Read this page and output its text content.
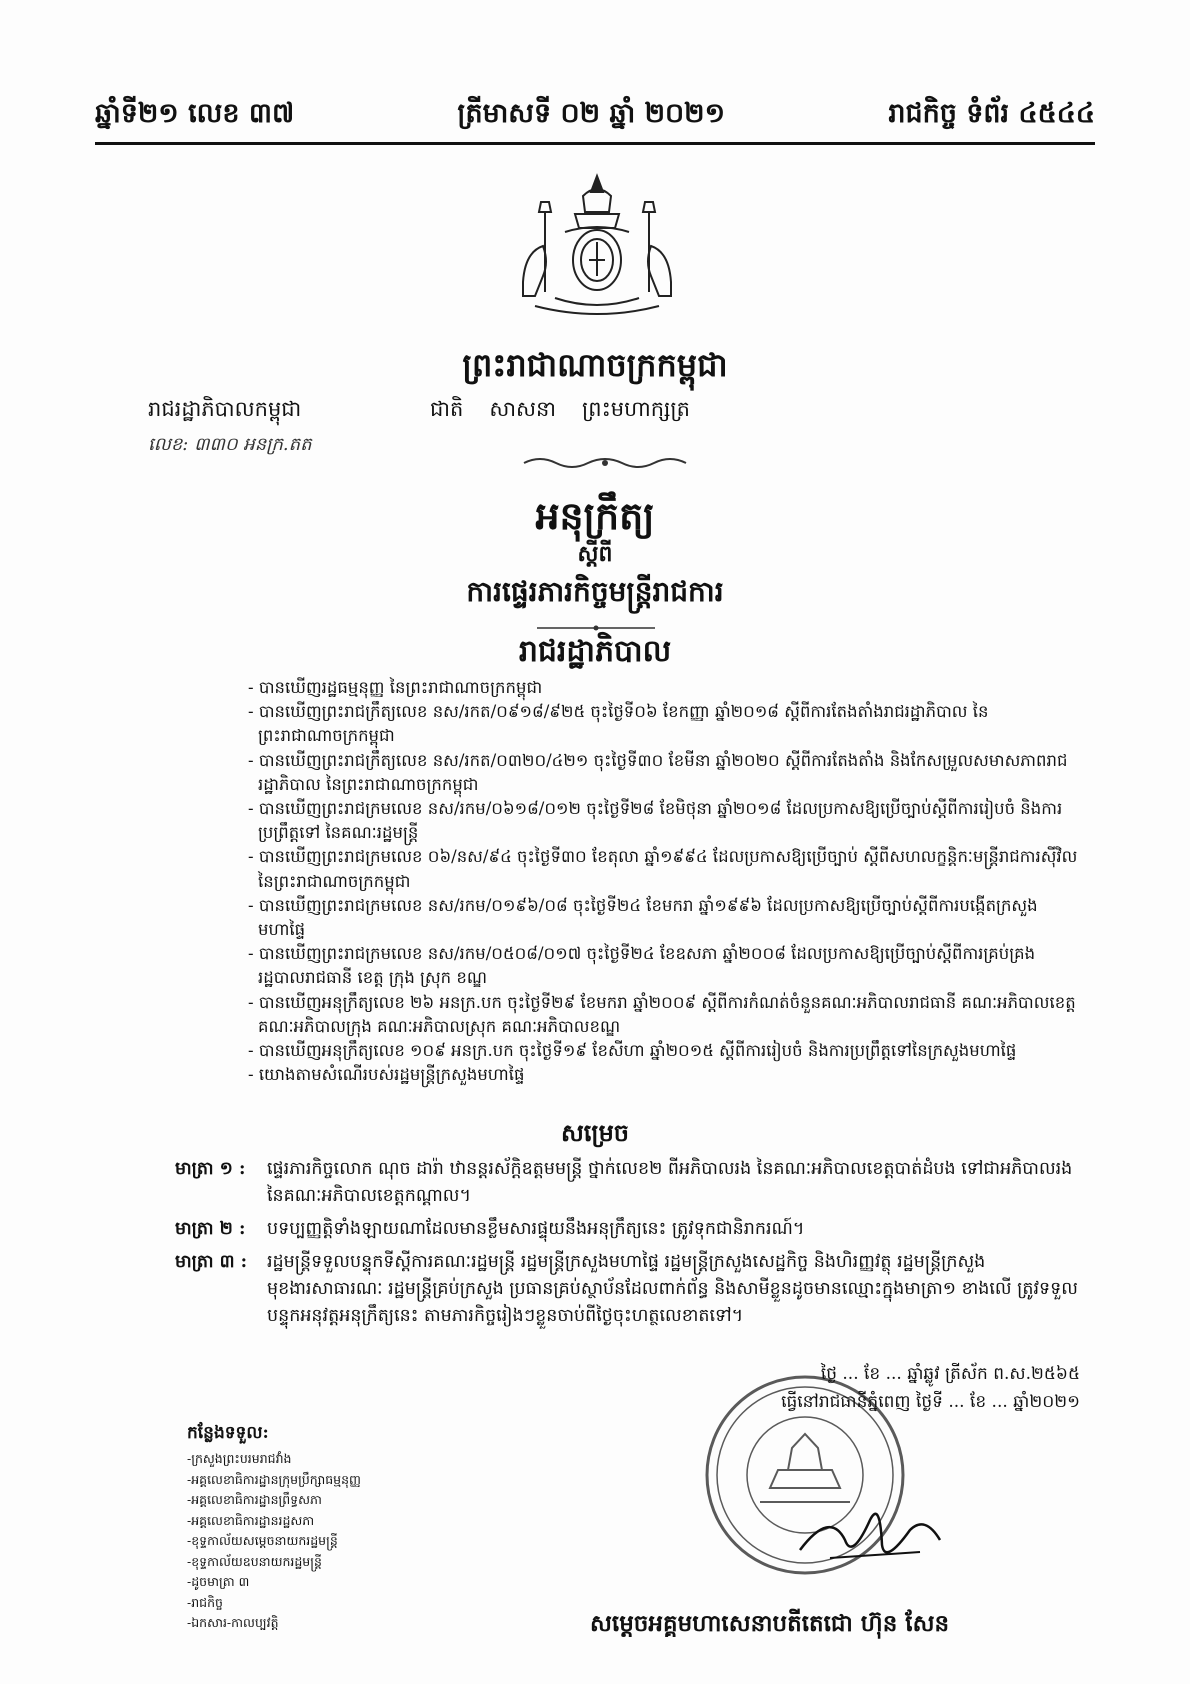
ឆ្នាំទី២១ លេខ ៣៧	ត្រីមាសទី ០២ ឆ្នាំ ២០២១	រាជកិច្ច ទំព័រ ៤៥៤៤
ព្រះរាជាណាចក្រកម្ពុជា
រាជរដ្ឋាភិបាលកម្ពុជា	ជាតិ សាសនា ព្រះមហាក្សត្រ
លេខ: ៣៣០ អនក្រ.តត
អនុក្រឹត្យ
ស្ដីពី
ការផ្ទេរភារកិច្ចមន្ត្រីរាជការ
រាជរដ្ឋាភិបាល
- បានឃើញរដ្ឋធម្មនុញ្ញ នៃព្រះរាជាណាចក្រកម្ពុជា
- បានឃើញព្រះរាជក្រឹត្យលេខ នស/រកត/០៩១៨/៩២៥ ចុះថ្ងៃទី០៦ ខែកញ្ញា ឆ្នាំ២០១៨ ស្ដីពីការតែងតាំងរាជរដ្ឋាភិបាល នៃព្រះរាជាណាចក្រកម្ពុជា
- បានឃើញព្រះរាជក្រឹត្យលេខ នស/រកត/០៣២០/៤២១ ចុះថ្ងៃទី៣០ ខែមីនា ឆ្នាំ២០២០ ស្ដីពីការតែងតាំង និងកែសម្រួលសមាសភាពរាជរដ្ឋាភិបាល នៃព្រះរាជាណាចក្រកម្ពុជា
- បានឃើញព្រះរាជក្រមលេខ នស/រកម/០៦១៨/០១២ ចុះថ្ងៃទី២៨ ខែមិថុនា ឆ្នាំ២០១៨ ដែលប្រកាសឱ្យប្រើច្បាប់ស្ដីពីការរៀបចំ និងការប្រព្រឹត្តទៅ នៃគណៈរដ្ឋមន្ត្រី
- បានឃើញព្រះរាជក្រមលេខ ០៦/នស/៩៤ ចុះថ្ងៃទី៣០ ខែតុលា ឆ្នាំ១៩៩៤ ដែលប្រកាសឱ្យប្រើច្បាប់ ស្ដីពីសហលក្ខន្តិកៈមន្ត្រីរាជការស៊ីវិល នៃព្រះរាជាណាចក្រកម្ពុជា
- បានឃើញព្រះរាជក្រមលេខ នស/រកម/០១៩៦/០៨ ចុះថ្ងៃទី២៤ ខែមករា ឆ្នាំ១៩៩៦ ដែលប្រកាសឱ្យប្រើច្បាប់ស្ដីពីការបង្កើតក្រសួងមហាផ្ទៃ
- បានឃើញព្រះរាជក្រមលេខ នស/រកម/០៥០៨/០១៧ ចុះថ្ងៃទី២៤ ខែឧសភា ឆ្នាំ២០០៨ ដែលប្រកាសឱ្យប្រើច្បាប់ស្ដីពីការគ្រប់គ្រងរដ្ឋបាលរាជធានី ខេត្ត ក្រុង ស្រុក ខណ្ឌ
- បានឃើញអនុក្រឹត្យលេខ ២៦ អនក្រ.បក ចុះថ្ងៃទី២៩ ខែមករា ឆ្នាំ២០០៩ ស្ដីពីការកំណត់ចំនួនគណៈអភិបាលរាជធានី គណៈអភិបាលខេត្ត គណៈអភិបាលក្រុង គណៈអភិបាលស្រុក គណៈអភិបាលខណ្ឌ
- បានឃើញអនុក្រឹត្យលេខ ១០៩ អនក្រ.បក ចុះថ្ងៃទី១៩ ខែសីហា ឆ្នាំ២០១៥ ស្ដីពីការរៀបចំ និងការប្រព្រឹត្តទៅនៃក្រសួងមហាផ្ទៃ
- យោងតាមសំណើរបស់រដ្ឋមន្ត្រីក្រសួងមហាផ្ទៃ
សម្រេច
មាត្រា ១ :	ផ្ទេរភារកិច្ចលោក ណុច ដារ៉ា ឋានន្តរស័ក្តិឧត្តមមន្ត្រី ថ្នាក់លេខ២ ពីអភិបាលរង នៃគណៈអភិបាលខេត្តបាត់ដំបង ទៅជាអភិបាលរង នៃគណៈអភិបាលខេត្តកណ្ដាល។
មាត្រា ២ :	បទប្បញ្ញត្តិទាំងឡាយណាដែលមានខ្លឹមសារផ្ទុយនឹងអនុក្រឹត្យនេះ ត្រូវទុកជានិរាករណ៍។
មាត្រា ៣ :	រដ្ឋមន្ត្រីទទួលបន្ទុកទីស្ដីការគណៈរដ្ឋមន្ត្រី រដ្ឋមន្ត្រីក្រសួងមហាផ្ទៃ រដ្ឋមន្ត្រីក្រសួងសេដ្ឋកិច្ច និងហិរញ្ញវត្ថុ រដ្ឋមន្ត្រីក្រសួងមុខងារសាធារណៈ រដ្ឋមន្ត្រីគ្រប់ក្រសួង ប្រធានគ្រប់ស្ថាប័នដែលពាក់ព័ន្ធ និងសាមីខ្លួនដូចមានឈ្មោះក្នុងមាត្រា១ ខាងលើ ត្រូវទទួលបន្ទុកអនុវត្តអនុក្រឹត្យនេះ តាមភារកិច្ចរៀងៗខ្លួនចាប់ពីថ្ងៃចុះហត្ថលេខាតទៅ។
ថ្ងៃ ... ខែ ... ឆ្នាំឆ្លូវ ត្រីស័ក ព.ស.២៥៦៥
ធ្វើនៅរាជធានីភ្នំពេញ ថ្ងៃទី ... ខែ ... ឆ្នាំ២០២១
កន្លែងទទួល:
-ក្រសួងព្រះបរមរាជវាំង
-អគ្គលេខាធិការដ្ឋានក្រុមប្រឹក្សាធម្មនុញ្ញ
-អគ្គលេខាធិការដ្ឋានព្រឹទ្ធសភា
-អគ្គលេខាធិការដ្ឋានរដ្ឋសភា
-ខុទ្ទកាល័យសម្ដេចនាយករដ្ឋមន្ត្រី
-ខុទ្ទកាល័យឧបនាយករដ្ឋមន្ត្រី
-ដូចមាត្រា ៣
-រាជកិច្ច
-ឯកសារ-កាលប្បវត្តិ	សម្ដេចអគ្គមហាសេនាបតីតេជោ ហ៊ុន សែន
